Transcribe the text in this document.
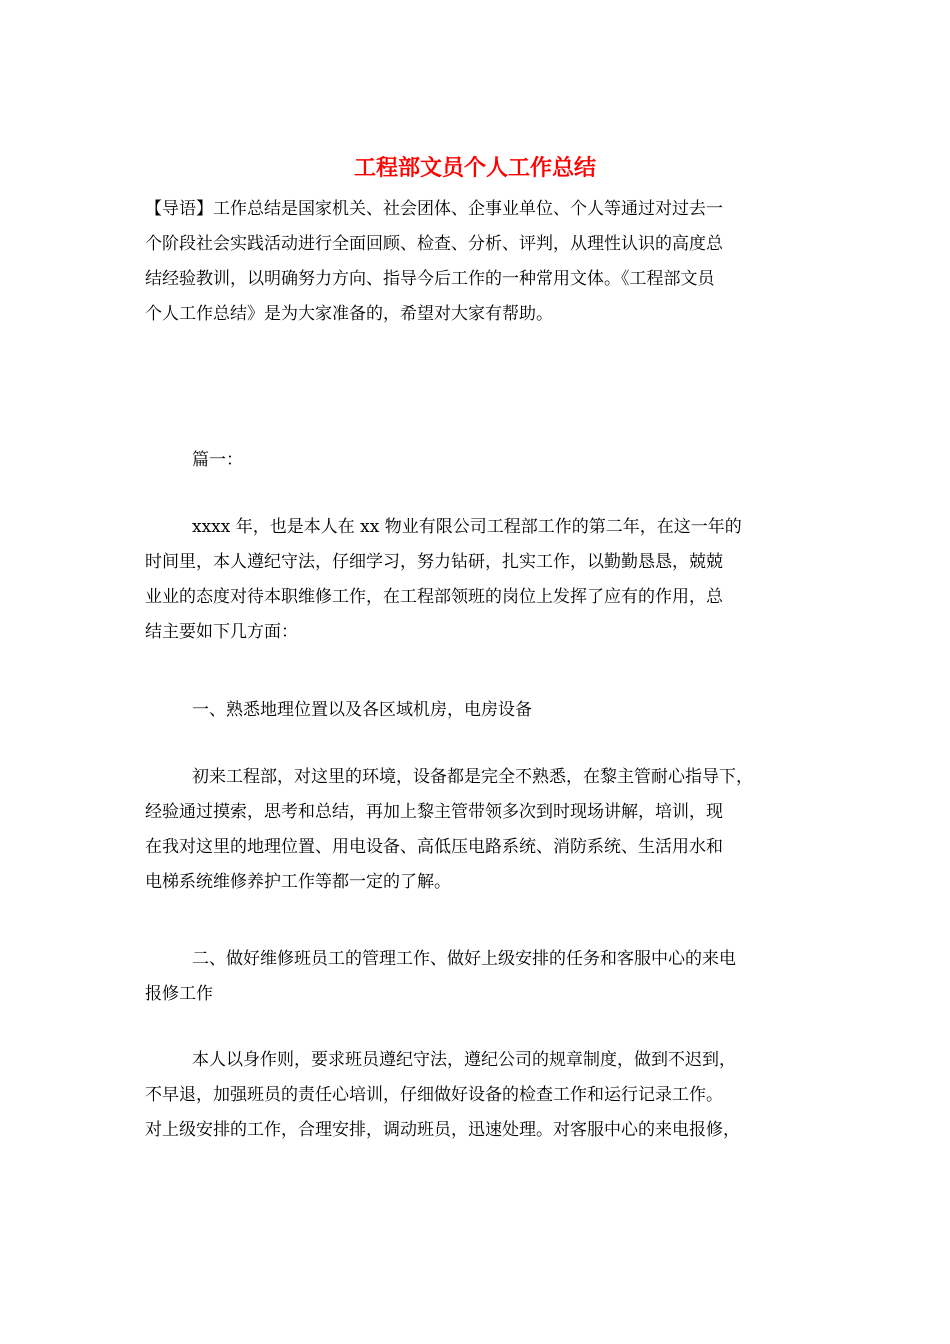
工程部文员个人工作总结
【导语】工作总结是国家机关、社会团体、企事业单位、个人等通过对过去一
个阶段社会实践活动进行全面回顾、检查、分析、评判，从理性认识的高度总
结经验教训，以明确努力方向、指导今后工作的一种常用文体。《工程部文员
个人工作总结》是为大家准备的，希望对大家有帮助。
篇一：
xxxx 年，也是本人在 xx 物业有限公司工程部工作的第二年，在这一年的
时间里，本人遵纪守法，仔细学习，努力钻研，扎实工作，以勤勤恳恳，兢兢
业业的态度对待本职维修工作，在工程部领班的岗位上发挥了应有的作用，总
结主要如下几方面：
一、熟悉地理位置以及各区域机房，电房设备
初来工程部，对这里的环境，设备都是完全不熟悉，在黎主管耐心指导下，
经验通过摸索，思考和总结，再加上黎主管带领多次到时现场讲解，培训，现
在我对这里的地理位置、用电设备、高低压电路系统、消防系统、生活用水和
电梯系统维修养护工作等都一定的了解。
二、做好维修班员工的管理工作、做好上级安排的任务和客服中心的来电
报修工作
本人以身作则，要求班员遵纪守法，遵纪公司的规章制度，做到不迟到，
不早退，加强班员的责任心培训，仔细做好设备的检查工作和运行记录工作。
对上级安排的工作，合理安排，调动班员，迅速处理。对客服中心的来电报修，
